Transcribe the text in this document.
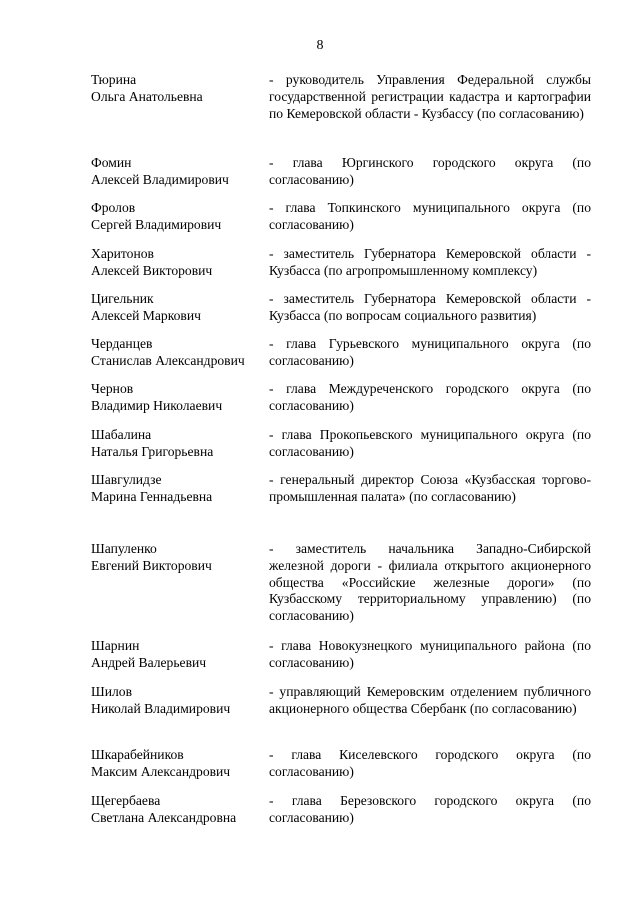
8
Тюрина
Ольга Анатольевна
- руководитель Управления Федеральной службы государственной регистрации кадастра и картографии по Кемеровской области - Кузбассу (по согласованию)
Фомин
Алексей Владимирович
- глава Юргинского городского округа (по согласованию)
Фролов
Сергей Владимирович
- глава Топкинского муниципального округа (по согласованию)
Харитонов
Алексей Викторович
- заместитель Губернатора Кемеровской области - Кузбасса (по агропромышленному комплексу)
Цигельник
Алексей Маркович
- заместитель Губернатора Кемеровской области - Кузбасса (по вопросам социального развития)
Черданцев
Станислав Александрович
- глава Гурьевского муниципального округа (по согласованию)
Чернов
Владимир Николаевич
- глава Междуреченского городского округа (по согласованию)
Шабалина
Наталья Григорьевна
- глава Прокопьевского муниципального округа (по согласованию)
Шавгулидзе
Марина Геннадьевна
- генеральный директор Союза «Кузбасская торгово-промышленная палата» (по согласованию)
Шапуленко
Евгений Викторович
- заместитель начальника Западно-Сибирской железной дороги - филиала открытого акционерного общества «Российские железные дороги» (по Кузбасскому территориальному управлению) (по согласованию)
Шарнин
Андрей Валерьевич
- глава Новокузнецкого муниципального района (по согласованию)
Шилов
Николай Владимирович
- управляющий Кемеровским отделением публичного акционерного общества Сбербанк (по согласованию)
Шкарабейников
Максим Александрович
- глава Киселевского городского округа (по согласованию)
Щегербаева
Светлана Александровна
- глава Березовского городского округа (по согласованию)
